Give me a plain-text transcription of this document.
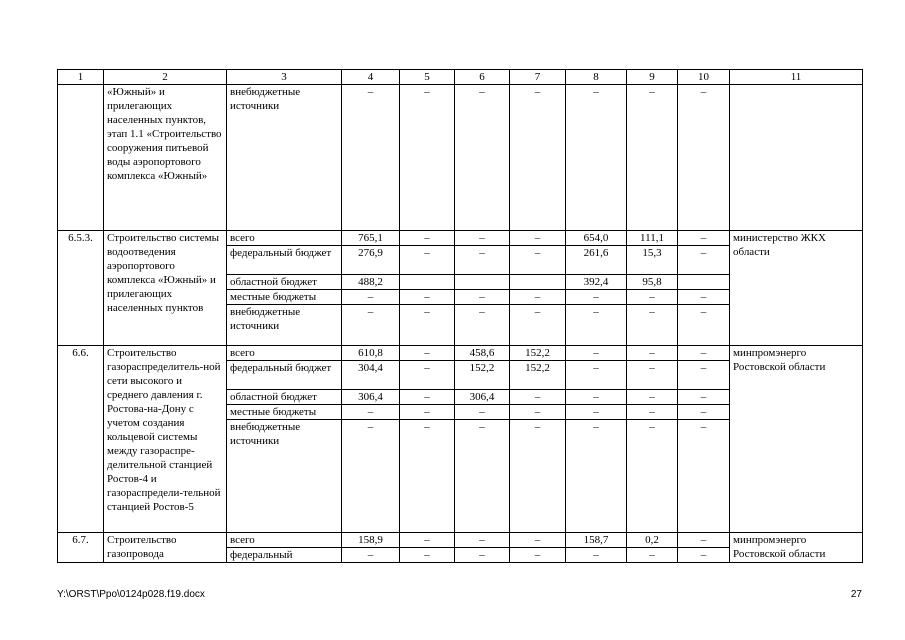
1	2	3	4	5	6	7	8	9	10	11
	«Южный» и прилегающих населенных пунктов, этап 1.1 «Строительство сооружения питьевой воды аэропортового комплекса «Южный»	внебюджетные источники	–	–	–	–	–	–	–	
6.5.3.	Строительство системы водоотведения аэропортового комплекса «Южный» и прилегающих населенных пунктов	всего	765,1	–	–	–	654,0	111,1	–	министерство ЖКХ области
		федеральный бюджет	276,9	–	–	–	261,6	15,3	–	
		областной бюджет	488,2				392,4	95,8		
		местные бюджеты	–	–	–	–	–	–	–	
		внебюджетные источники	–	–	–	–	–	–	–	
6.6.	Строительство газораспределитель-ной сети высокого и среднего давления г. Ростова-на-Дону с учетом создания кольцевой системы между газораспре-делительной станцией Ростов-4 и газораспредели-тельной станцией Ростов-5	всего	610,8	–	458,6	152,2	–	–	–	минпромэнерго Ростовской области
		федеральный бюджет	304,4	–	152,2	152,2	–	–	–	
		областной бюджет	306,4	–	306,4	–	–	–	–	
		местные бюджеты	–	–	–	–	–	–	–	
		внебюджетные источники	–	–	–	–	–	–	–	
6.7.	Строительство газопровода	всего	158,9	–	–	–	158,7	0,2	–	минпромэнерго Ростовской области
		федеральный	–	–	–	–	–	–	–	
Y:\ORST\Ppo\0124p028.f19.docx	27
